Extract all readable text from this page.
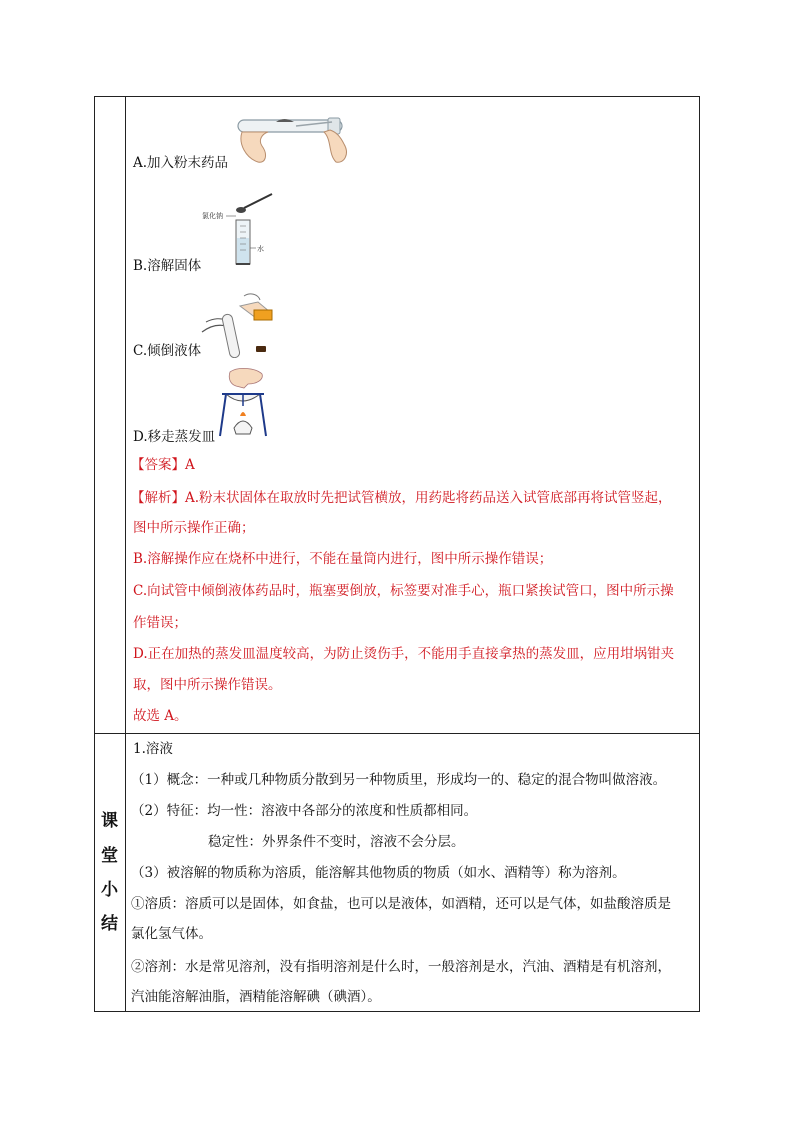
A.加入粉末药品
氯化钠
水
B.溶解固体
C.倾倒液体
D.移走蒸发皿
【答案】A
【解析】A.粉末状固体在取放时先把试管横放，用药匙将药品送入试管底部再将试管竖起，
图中所示操作正确；
B.溶解操作应在烧杯中进行，不能在量筒内进行，图中所示操作错误；
C.向试管中倾倒液体药品时，瓶塞要倒放，标签要对准手心，瓶口紧挨试管口，图中所示操
作错误；
D.正在加热的蒸发皿温度较高，为防止烫伤手，不能用手直接拿热的蒸发皿，应用坩埚钳夹
取，图中所示操作错误。
故选 A。
课
堂
小
结
1.溶液
（1）概念：一种或几种物质分散到另一种物质里，形成均一的、稳定的混合物叫做溶液。
（2）特征：均一性：溶液中各部分的浓度和性质都相同。
稳定性：外界条件不变时，溶液不会分层。
（3）被溶解的物质称为溶质，能溶解其他物质的物质（如水、酒精等）称为溶剂。
①溶质：溶质可以是固体，如食盐，也可以是液体，如酒精，还可以是气体，如盐酸溶质是
氯化氢气体。
②溶剂：水是常见溶剂，没有指明溶剂是什么时，一般溶剂是水，汽油、酒精是有机溶剂，
汽油能溶解油脂，酒精能溶解碘（碘酒）。
